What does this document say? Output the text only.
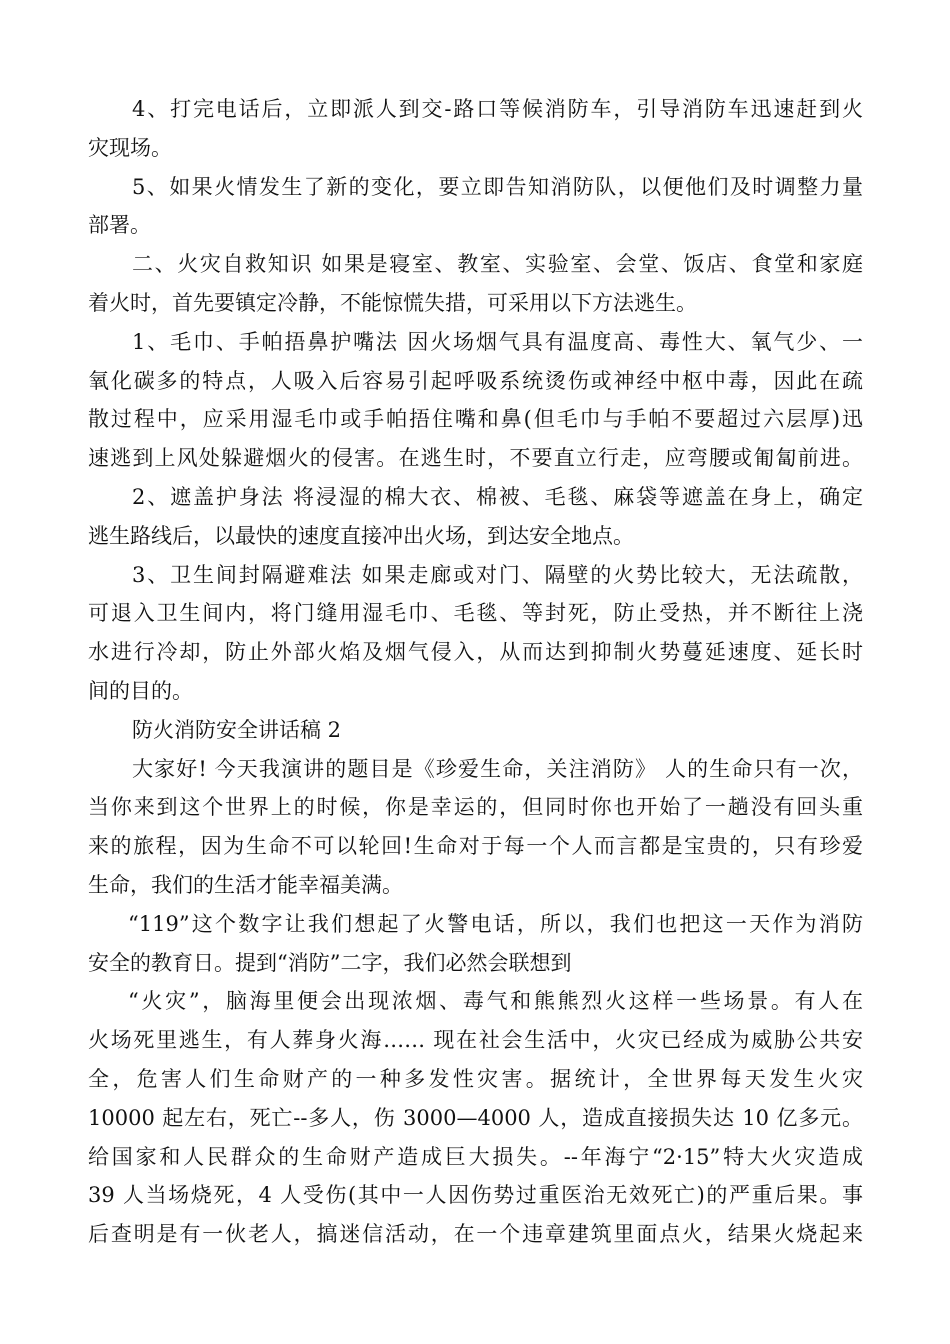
4、打完电话后，立即派人到交-路口等候消防车，引导消防车迅速赶到火
灾现场。
5、如果火情发生了新的变化，要立即告知消防队，以便他们及时调整力量
部署。
二、火灾自救知识 如果是寝室、教室、实验室、会堂、饭店、食堂和家庭
着火时，首先要镇定冷静，不能惊慌失措，可采用以下方法逃生。
1、毛巾、手帕捂鼻护嘴法 因火场烟气具有温度高、毒性大、氧气少、一
氧化碳多的特点，人吸入后容易引起呼吸系统烫伤或神经中枢中毒，因此在疏
散过程中，应采用湿毛巾或手帕捂住嘴和鼻(但毛巾与手帕不要超过六层厚)迅
速逃到上风处躲避烟火的侵害。在逃生时，不要直立行走，应弯腰或匍匐前进。
2、遮盖护身法 将浸湿的棉大衣、棉被、毛毯、麻袋等遮盖在身上，确定
逃生路线后，以最快的速度直接冲出火场，到达安全地点。
3、卫生间封隔避难法 如果走廊或对门、隔壁的火势比较大，无法疏散，
可退入卫生间内，将门缝用湿毛巾、毛毯、等封死，防止受热，并不断往上浇
水进行冷却，防止外部火焰及烟气侵入，从而达到抑制火势蔓延速度、延长时
间的目的。
防火消防安全讲话稿 2
大家好! 今天我演讲的题目是《珍爱生命，关注消防》 人的生命只有一次，
当你来到这个世界上的时候，你是幸运的，但同时你也开始了一趟没有回头重
来的旅程，因为生命不可以轮回!生命对于每一个人而言都是宝贵的，只有珍爱
生命，我们的生活才能幸福美满。
“119”这个数字让我们想起了火警电话，所以，我们也把这一天作为消防
安全的教育日。提到“消防”二字，我们必然会联想到
“火灾”，脑海里便会出现浓烟、毒气和熊熊烈火这样一些场景。有人在
火场死里逃生，有人葬身火海…… 现在社会生活中，火灾已经成为威胁公共安
全，危害人们生命财产的一种多发性灾害。据统计，全世界每天发生火灾
10000 起左右，死亡--多人，伤 3000—4000 人，造成直接损失达 10 亿多元。
给国家和人民群众的生命财产造成巨大损失。--年海宁“2·15”特大火灾造成
39 人当场烧死，4 人受伤(其中一人因伤势过重医治无效死亡)的严重后果。事
后查明是有一伙老人，搞迷信活动，在一个违章建筑里面点火，结果火烧起来
